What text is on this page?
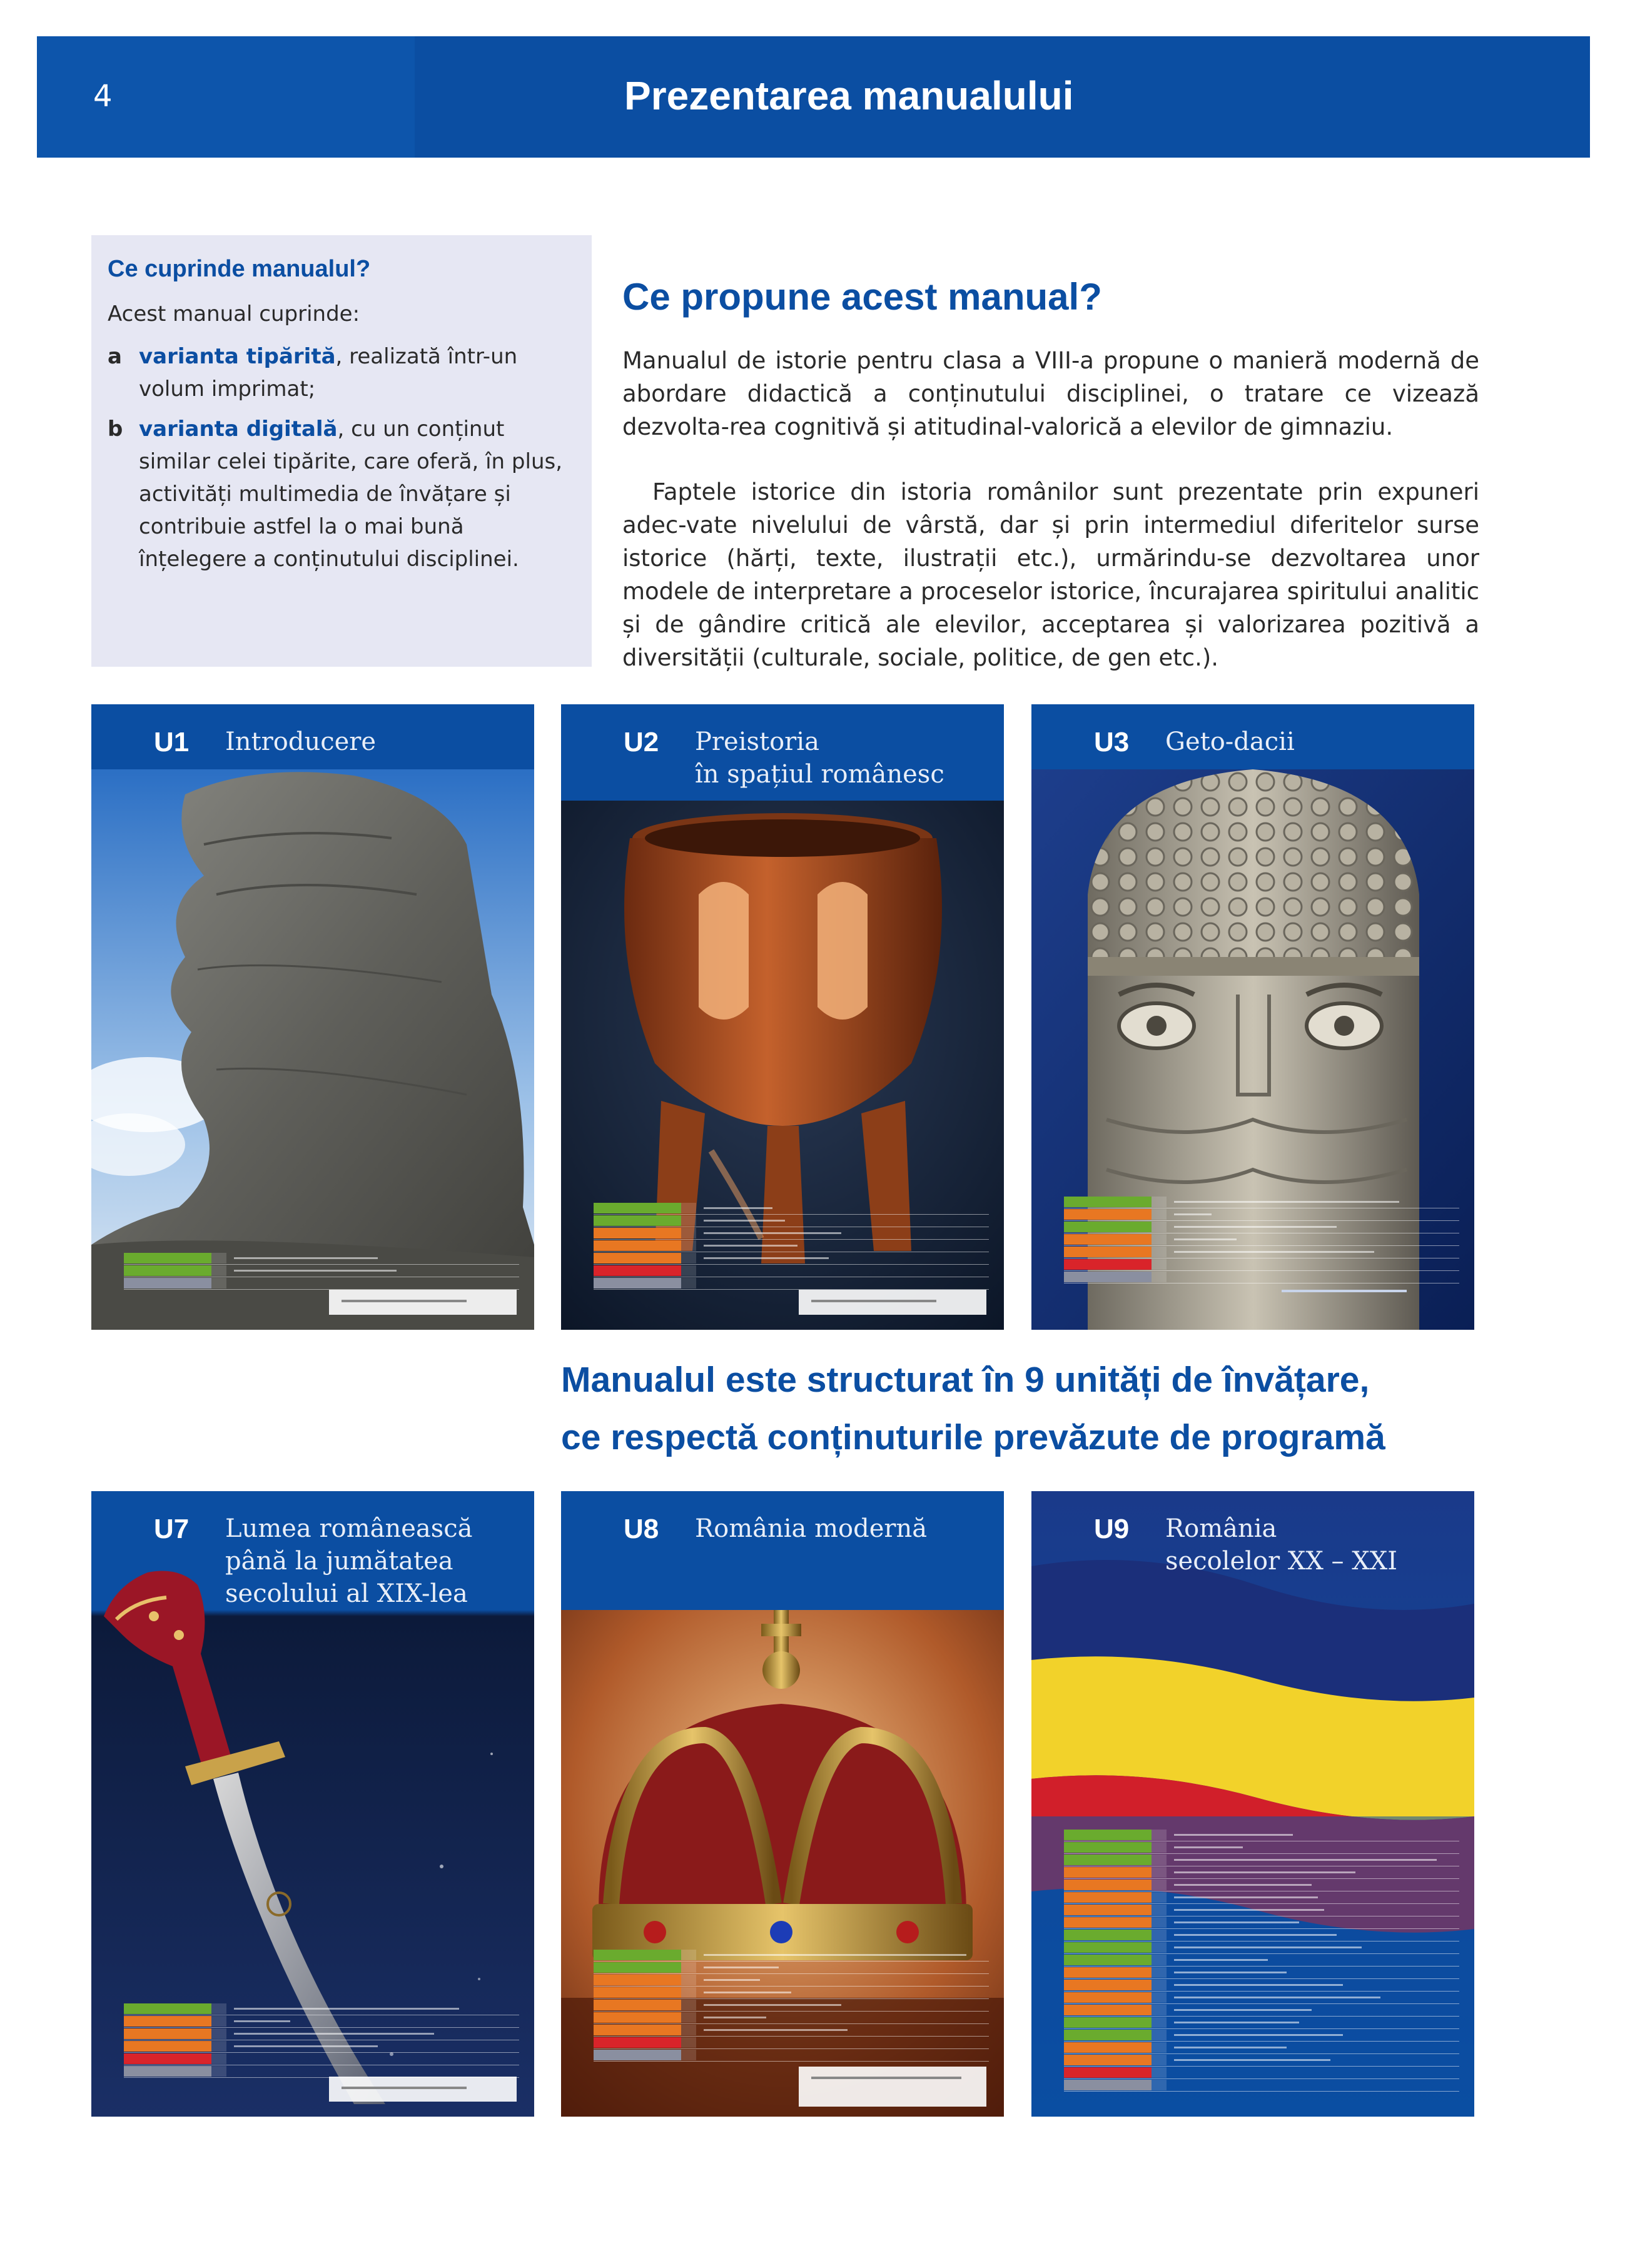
4	Prezentarea manualului
Ce cuprinde manualul?
Acest manual cuprinde:
a varianta tipărită, realizată într-un volum imprimat;
b varianta digitală, cu un conținut similar celei tipărite, care oferă, în plus, activități multimedia de învățare și contribuie astfel la o mai bună înțelegere a conținutului disciplinei.
Ce propune acest manual?
Manualul de istorie pentru clasa a VIII-a propune o manieră modernă de abordare didactică a conținutului disciplinei, o tratare ce vizează dezvolta-rea cognitivă și atitudinal-valorică a elevilor de gimnaziu.
Faptele istorice din istoria românilor sunt prezentate prin expuneri adec-vate nivelului de vârstă, dar și prin intermediul diferitelor surse istorice (hărți, texte, ilustrații etc.), urmărindu-se dezvoltarea unor modele de interpretare a proceselor istorice, încurajarea spiritului analitic și de gândire critică ale elevilor, acceptarea și valorizarea pozitivă a diversității (culturale, sociale, politice, de gen etc.).
U1 Introducere	U2 Preistoria
în spațiul românesc
U3 Geto-dacii
Manualul este structurat în 9 unități de învățare,
ce respectă conținuturile prevăzute de programă
U7 Lumea românească
până la jumătatea
secolului al XIX-lea
U8 România modernă	U9 România
secolelor XX – XXI
